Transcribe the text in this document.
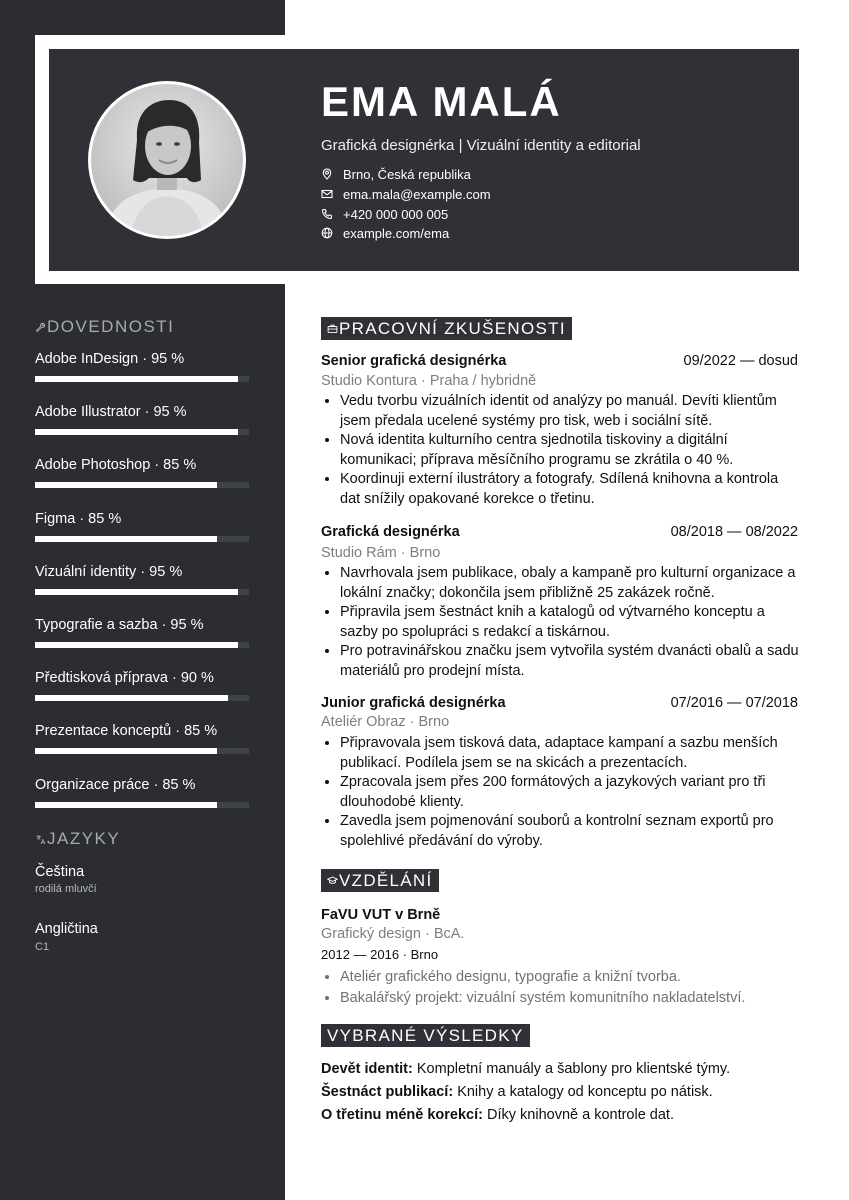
EMA MALÁ
Grafická designérka | Vizuální identity a editorial
Brno, Česká republika
ema.mala@example.com
+420 000 000 005
example.com/ema
DOVEDNOSTI
Adobe InDesign · 95 %
Adobe Illustrator · 95 %
Adobe Photoshop · 85 %
Figma · 85 %
Vizuální identity · 95 %
Typografie a sazba · 95 %
Předtisková příprava · 90 %
Prezentace konceptů · 85 %
Organizace práce · 85 %
JAZYKY
Čeština
rodilá mluvčí
Angličtina
C1
PRACOVNÍ ZKUŠENOSTI
Senior grafická designérka	09/2022 — dosud
Studio Kontura · Praha / hybridně
• Vedu tvorbu vizuálních identit od analýzy po manuál. Devíti klientům jsem předala ucelené systémy pro tisk, web i sociální sítě.
• Nová identita kulturního centra sjednotila tiskoviny a digitální komunikaci; příprava měsíčního programu se zkrátila o 40 %.
• Koordinuji externí ilustrátory a fotografy. Sdílená knihovna a kontrola dat snížily opakované korekce o třetinu.
Grafická designérka	08/2018 — 08/2022
Studio Rám · Brno
• Navrhovala jsem publikace, obaly a kampaně pro kulturní organizace a lokální značky; dokončila jsem přibližně 25 zakázek ročně.
• Připravila jsem šestnáct knih a katalogů od výtvarného konceptu a sazby po spolupráci s redakcí a tiskárnou.
• Pro potravinářskou značku jsem vytvořila systém dvanácti obalů a sadu materiálů pro prodejní místa.
Junior grafická designérka	07/2016 — 07/2018
Ateliér Obraz · Brno
• Připravovala jsem tisková data, adaptace kampaní a sazbu menších publikací. Podílela jsem se na skicách a prezentacích.
• Zpracovala jsem přes 200 formátových a jazykových variant pro tři dlouhodobé klienty.
• Zavedla jsem pojmenování souborů a kontrolní seznam exportů pro spolehlivé předávání do výroby.
VZDĚLÁNÍ
FaVU VUT v Brně
Grafický design · BcA.
2012 — 2016 · Brno
• Ateliér grafického designu, typografie a knižní tvorba.
• Bakalářský projekt: vizuální systém komunitního nakladatelství.
VYBRANÉ VÝSLEDKY
Devět identit: Kompletní manuály a šablony pro klientské týmy.
Šestnáct publikací: Knihy a katalogy od konceptu po nátisk.
O třetinu méně korekcí: Díky knihovně a kontrole dat.
